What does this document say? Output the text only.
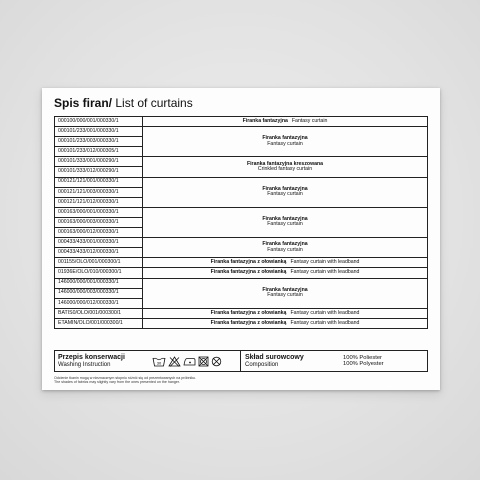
Spis firan/ List of curtains
000100/000/001/000330/1	Firanka fantazyjna Fantasy curtain
000101/233/001/000330/1	Firanka fantazyjna
Fantasy curtain

000101/233/003/000330/1	
000101/233/012/000305/1	
000101/333/001/000290/1	Firanka fantazyjna kreszowana
Crinkled fantasy curtain

000101/333/012/000290/1	
000121/121/001/000330/1	Firanka fantazyjna
Fantasy curtain

000121/121/003/000330/1	
000121/121/012/000330/1	
000163/000/001/000330/1	Firanka fantazyjna
Fantasy curtain

000163/000/003/000330/1	
000163/000/012/000330/1	
000433/433/001/000330/1	Firanka fantazyjna
Fantasy curtain

000433/433/012/000330/1	
001155/OLO/001/000300/1	Firanka fantazyjna z ołowianką Fantasy curtain with leadband
01936E/OLO/010/000300/1	Firanka fantazyjna z ołowianką Fantasy curtain with leadband
146000/000/001/000330/1	Firanka fantazyjna
Fantasy curtain

146000/000/003/000330/1	
146000/000/012/000330/1	
BATIS0/OLO/001/000300/1	Firanka fantazyjna z ołowianką Fantasy curtain with leadband
ETAMIN/OLO/001/000300/1	Firanka fantazyjna z ołowianką Fantasy curtain with leadband
Przepis konserwacji
Washing Instruction	30
Skład surowcowy
Composition
100% Poliester
100% Polyester
Odcienie tkanin mogą w nieznacznym stopniu różnić się od prezentowanych na prόbniku.
The shades of fabrics may slightly vary from the ones presented on the hanger.
